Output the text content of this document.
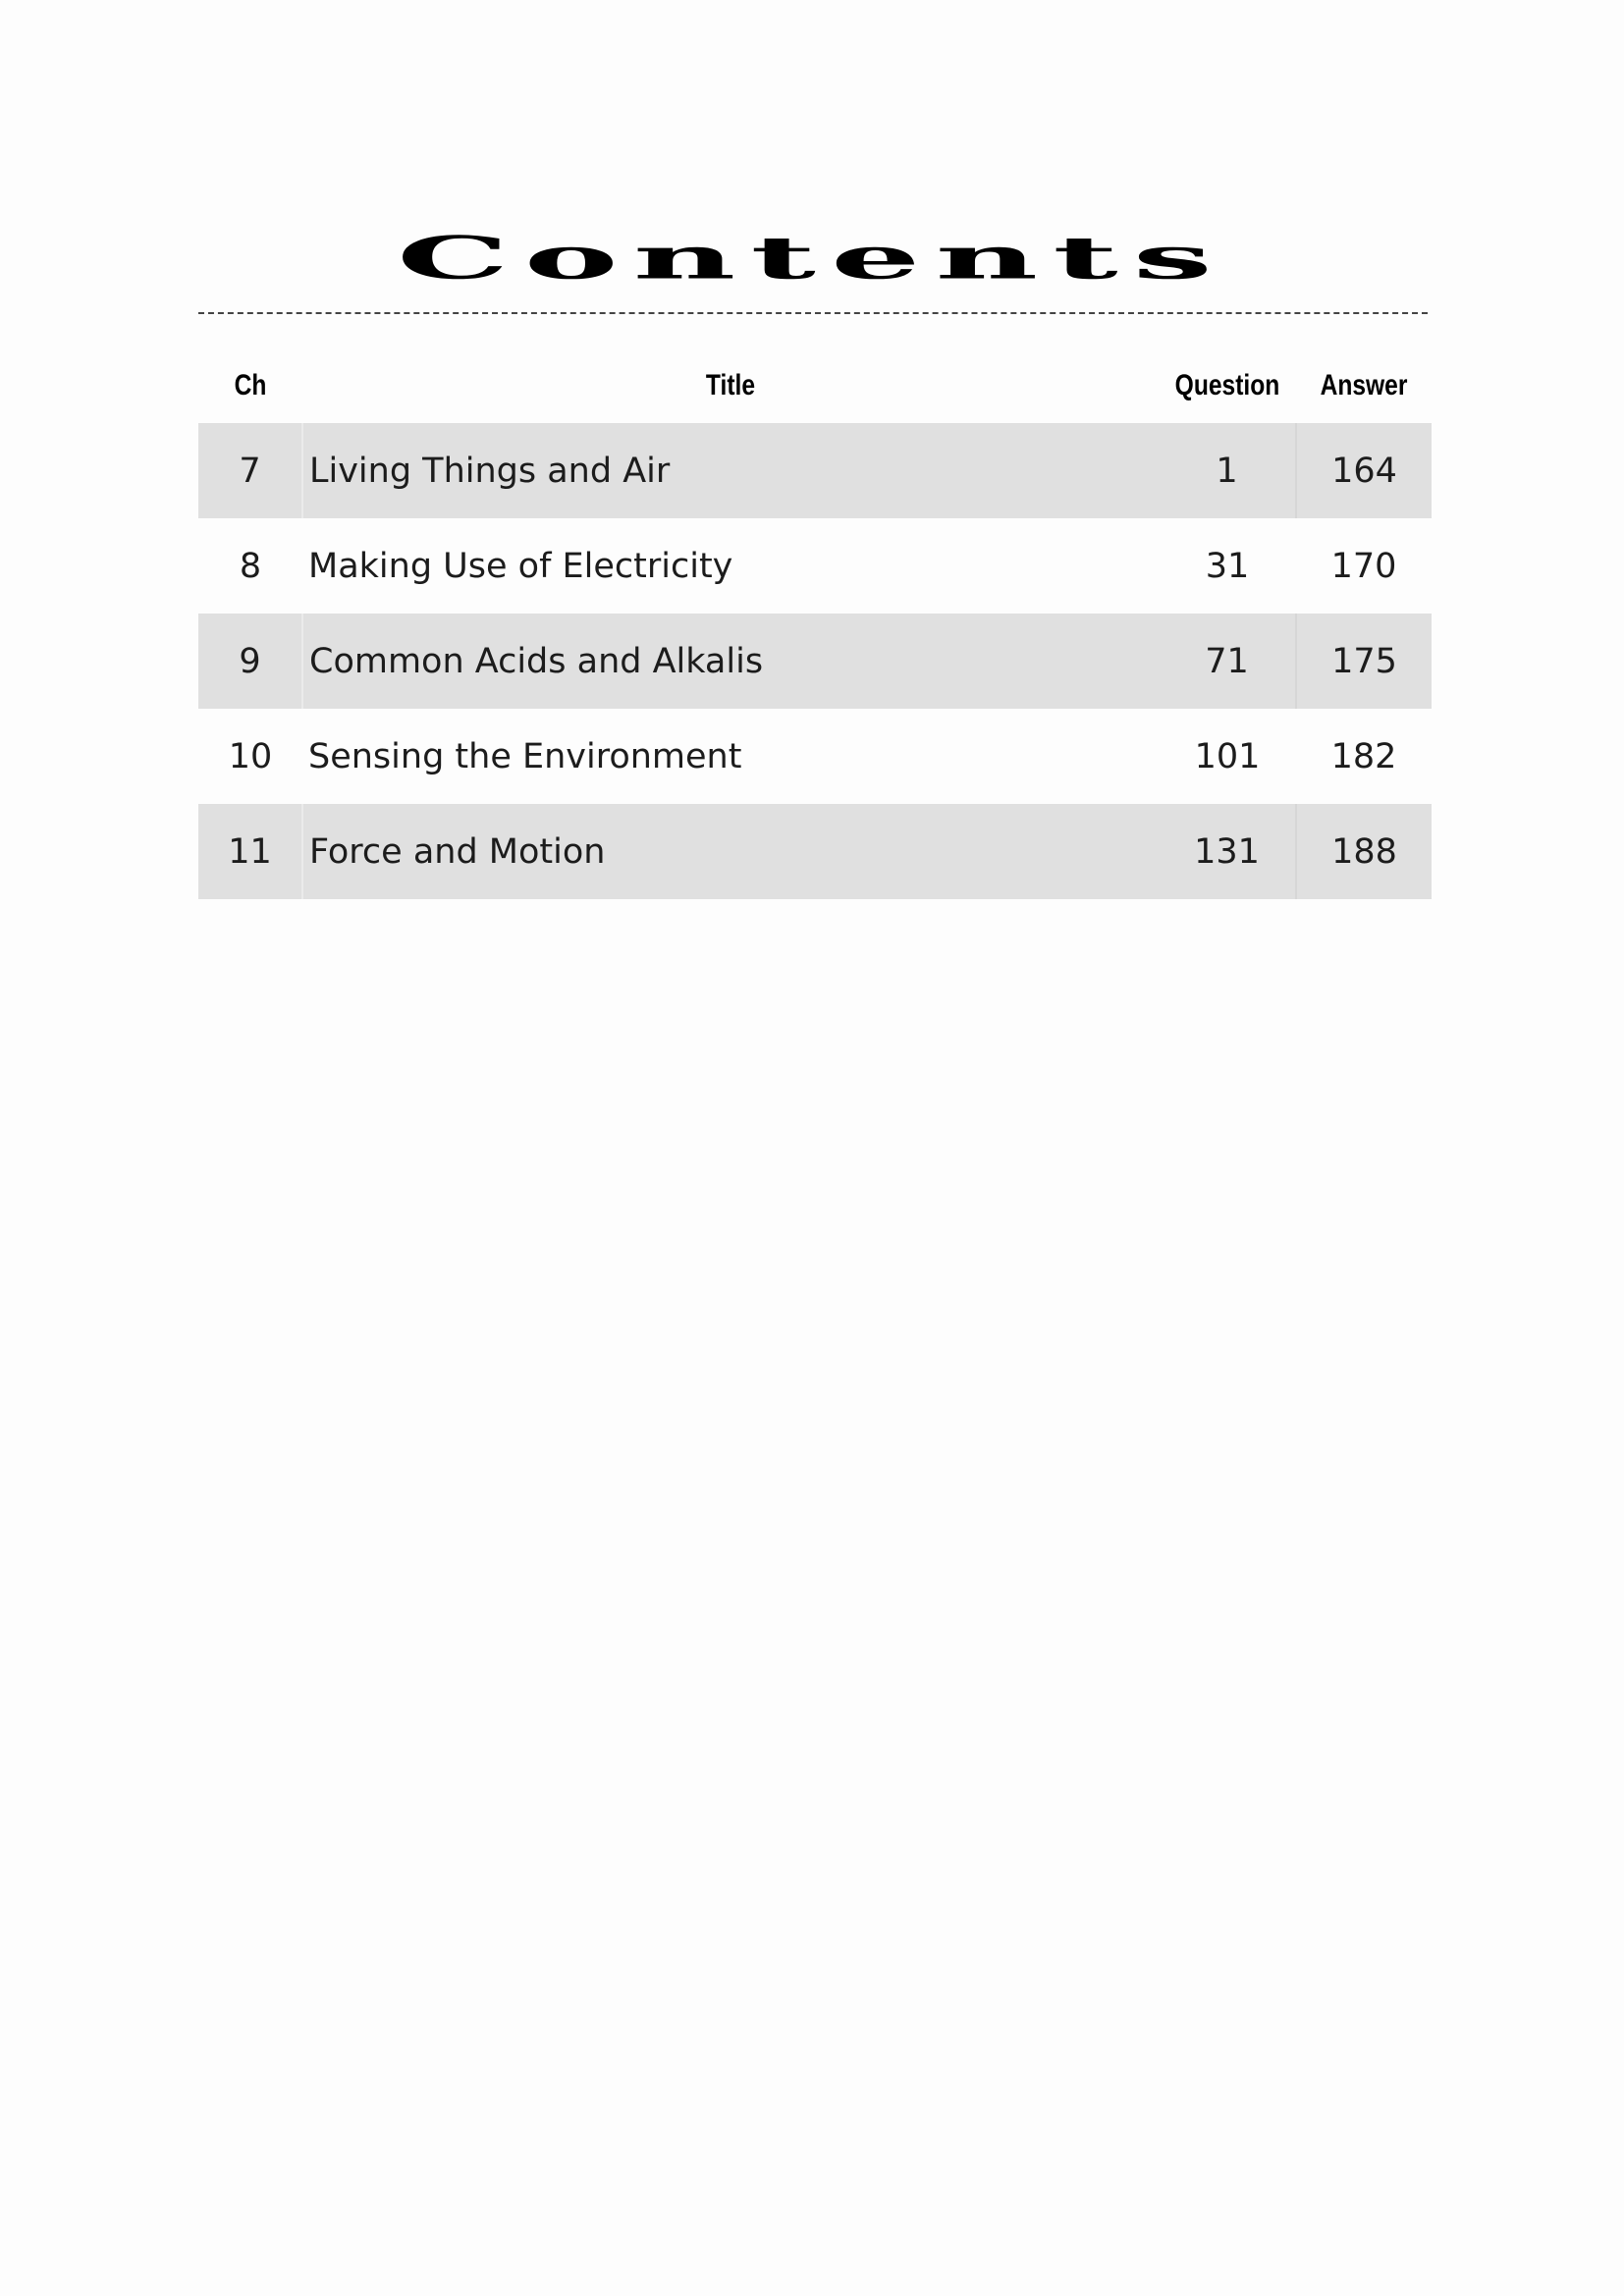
Contents
Ch	Title	Question	Answer
7	Living Things and Air	1	164
8	Making Use of Electricity	31	170
9	Common Acids and Alkalis	71	175
10	Sensing the Environment	101	182
11	Force and Motion	131	188
